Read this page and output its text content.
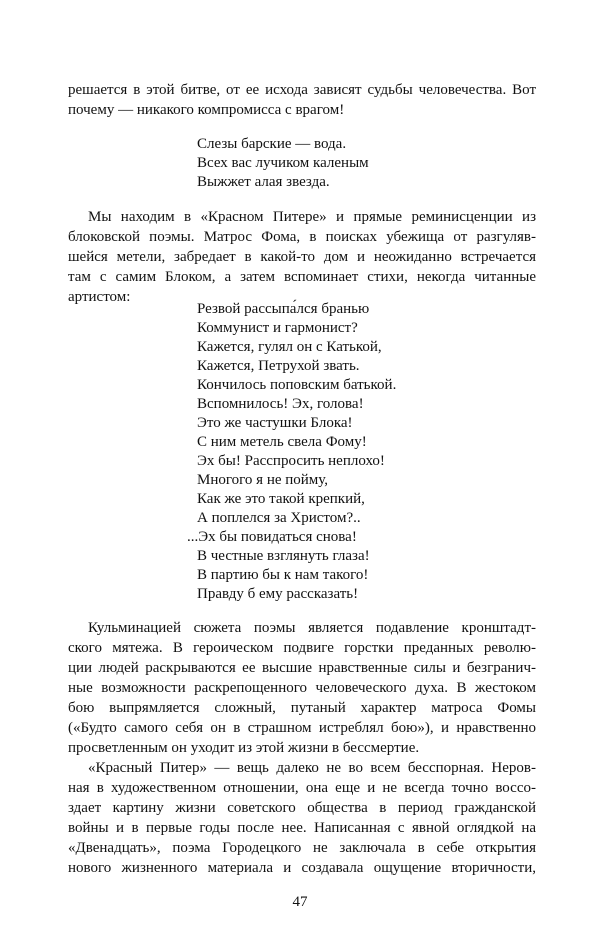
решается в этой битве, от ее исхода зависят судьбы человечества. Вот
почему — никакого компромисса с врагом!
Слезы барские — вода.
Всех вас лучиком каленым
Выжжет алая звезда.
Мы находим в «Красном Питере» и прямые реминисценции из
блоковской поэмы. Матрос Фома, в поисках убежища от разгуляв-
шейся метели, забредает в какой-то дом и неожиданно встречается
там с самим Блоком, а затем вспоминает стихи, некогда читанные
артистом:
Резвой рассыпа́лся бранью
Коммунист и гармонист?
Кажется, гулял он с Катькой,
Кажется, Петрухой звать.
Кончилось поповским батькой.
Вспомнилось! Эх, голова!
Это же частушки Блока!
С ним метель свела Фому!
Эх бы! Расспросить неплохо!
Многого я не пойму,
Как же это такой крепкий,
А поплелся за Христом?..
...Эх бы повидаться снова!
В честные взглянуть глаза!
В партию бы к нам такого!
Правду б ему рассказать!
Кульминацией сюжета поэмы является подавление кронштадт-
ского мятежа. В героическом подвиге горстки преданных револю-
ции людей раскрываются ее высшие нравственные силы и безгранич-
ные возможности раскрепощенного человеческого духа. В жестоком
бою выпрямляется сложный, путаный характер матроса Фомы
(«Будто самого себя он в страшном истреблял бою»), и нравственно
просветленным он уходит из этой жизни в бессмертие.
«Красный Питер» — вещь далеко не во всем бесспорная. Неров-
ная в художественном отношении, она еще и не всегда точно воссо-
здает картину жизни советского общества в период гражданской
войны и в первые годы после нее. Написанная с явной оглядкой на
«Двенадцать», поэма Городецкого не заключала в себе открытия
нового жизненного материала и создавала ощущение вторичности,
47
